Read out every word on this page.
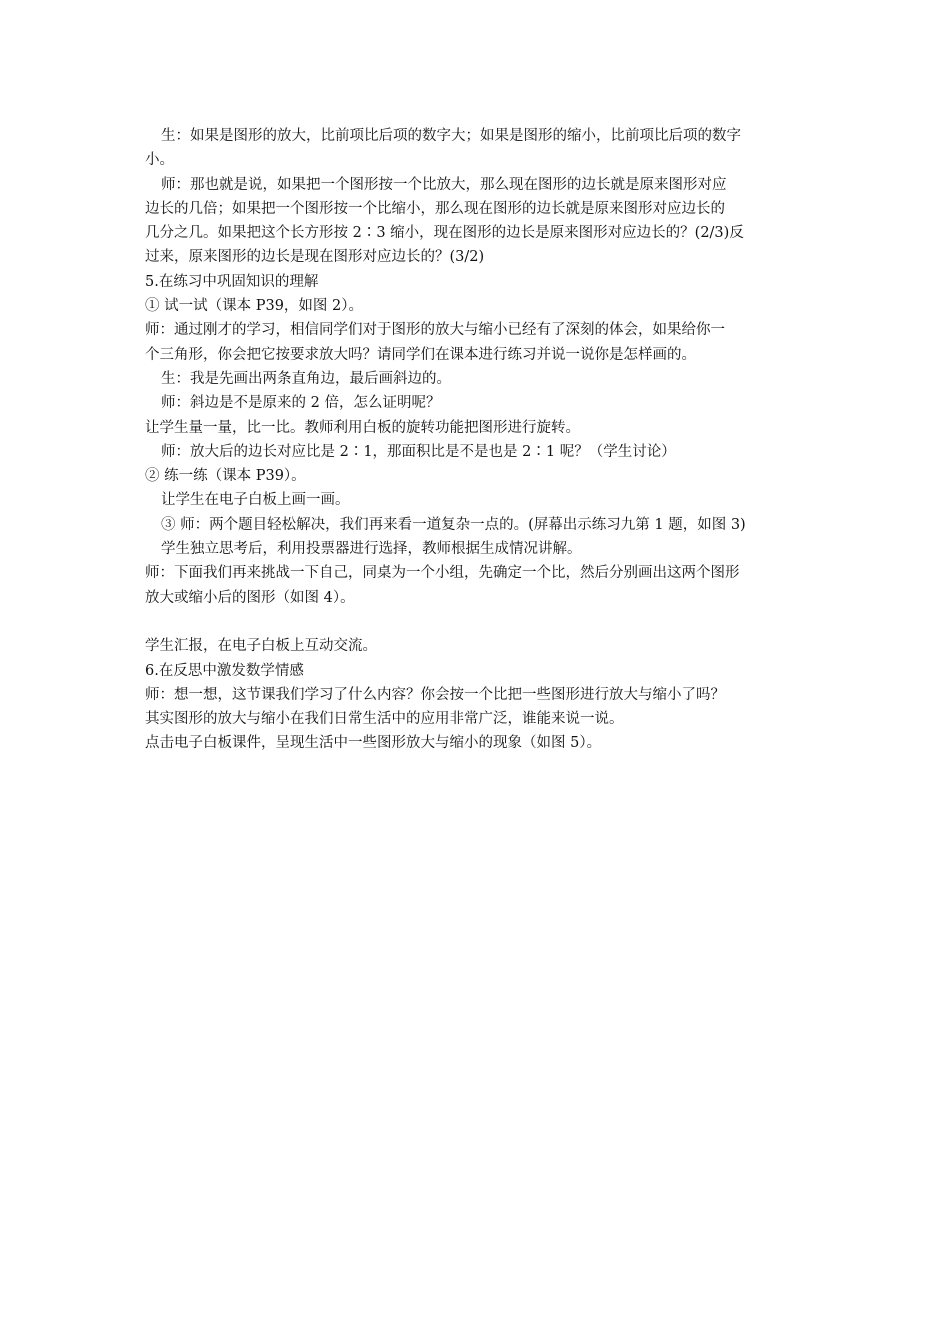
生：如果是图形的放大，比前项比后项的数字大；如果是图形的缩小，比前项比后项的数字
小。
师：那也就是说，如果把一个图形按一个比放大，那么现在图形的边长就是原来图形对应
边长的几倍；如果把一个图形按一个比缩小，那么现在图形的边长就是原来图形对应边长的
几分之几。如果把这个长方形按 2∶3 缩小，现在图形的边长是原来图形对应边长的？(2/3)反
过来，原来图形的边长是现在图形对应边长的？(3/2)
5.在练习中巩固知识的理解
① 试一试（课本 P39，如图 2）。
师：通过刚才的学习，相信同学们对于图形的放大与缩小已经有了深刻的体会，如果给你一
个三角形，你会把它按要求放大吗？请同学们在课本进行练习并说一说你是怎样画的。
生：我是先画出两条直角边，最后画斜边的。
师：斜边是不是原来的 2 倍，怎么证明呢？
让学生量一量，比一比。教师利用白板的旋转功能把图形进行旋转。
师：放大后的边长对应比是 2∶1，那面积比是不是也是 2∶1 呢？（学生讨论）
② 练一练（课本 P39）。
让学生在电子白板上画一画。
③ 师：两个题目轻松解决，我们再来看一道复杂一点的。(屏幕出示练习九第 1 题，如图 3)
学生独立思考后，利用投票器进行选择，教师根据生成情况讲解。
师：下面我们再来挑战一下自己，同桌为一个小组，先确定一个比，然后分别画出这两个图形
放大或缩小后的图形（如图 4）。
学生汇报，在电子白板上互动交流。
6.在反思中激发数学情感
师：想一想，这节课我们学习了什么内容？你会按一个比把一些图形进行放大与缩小了吗？
其实图形的放大与缩小在我们日常生活中的应用非常广泛，谁能来说一说。
点击电子白板课件，呈现生活中一些图形放大与缩小的现象（如图 5）。
